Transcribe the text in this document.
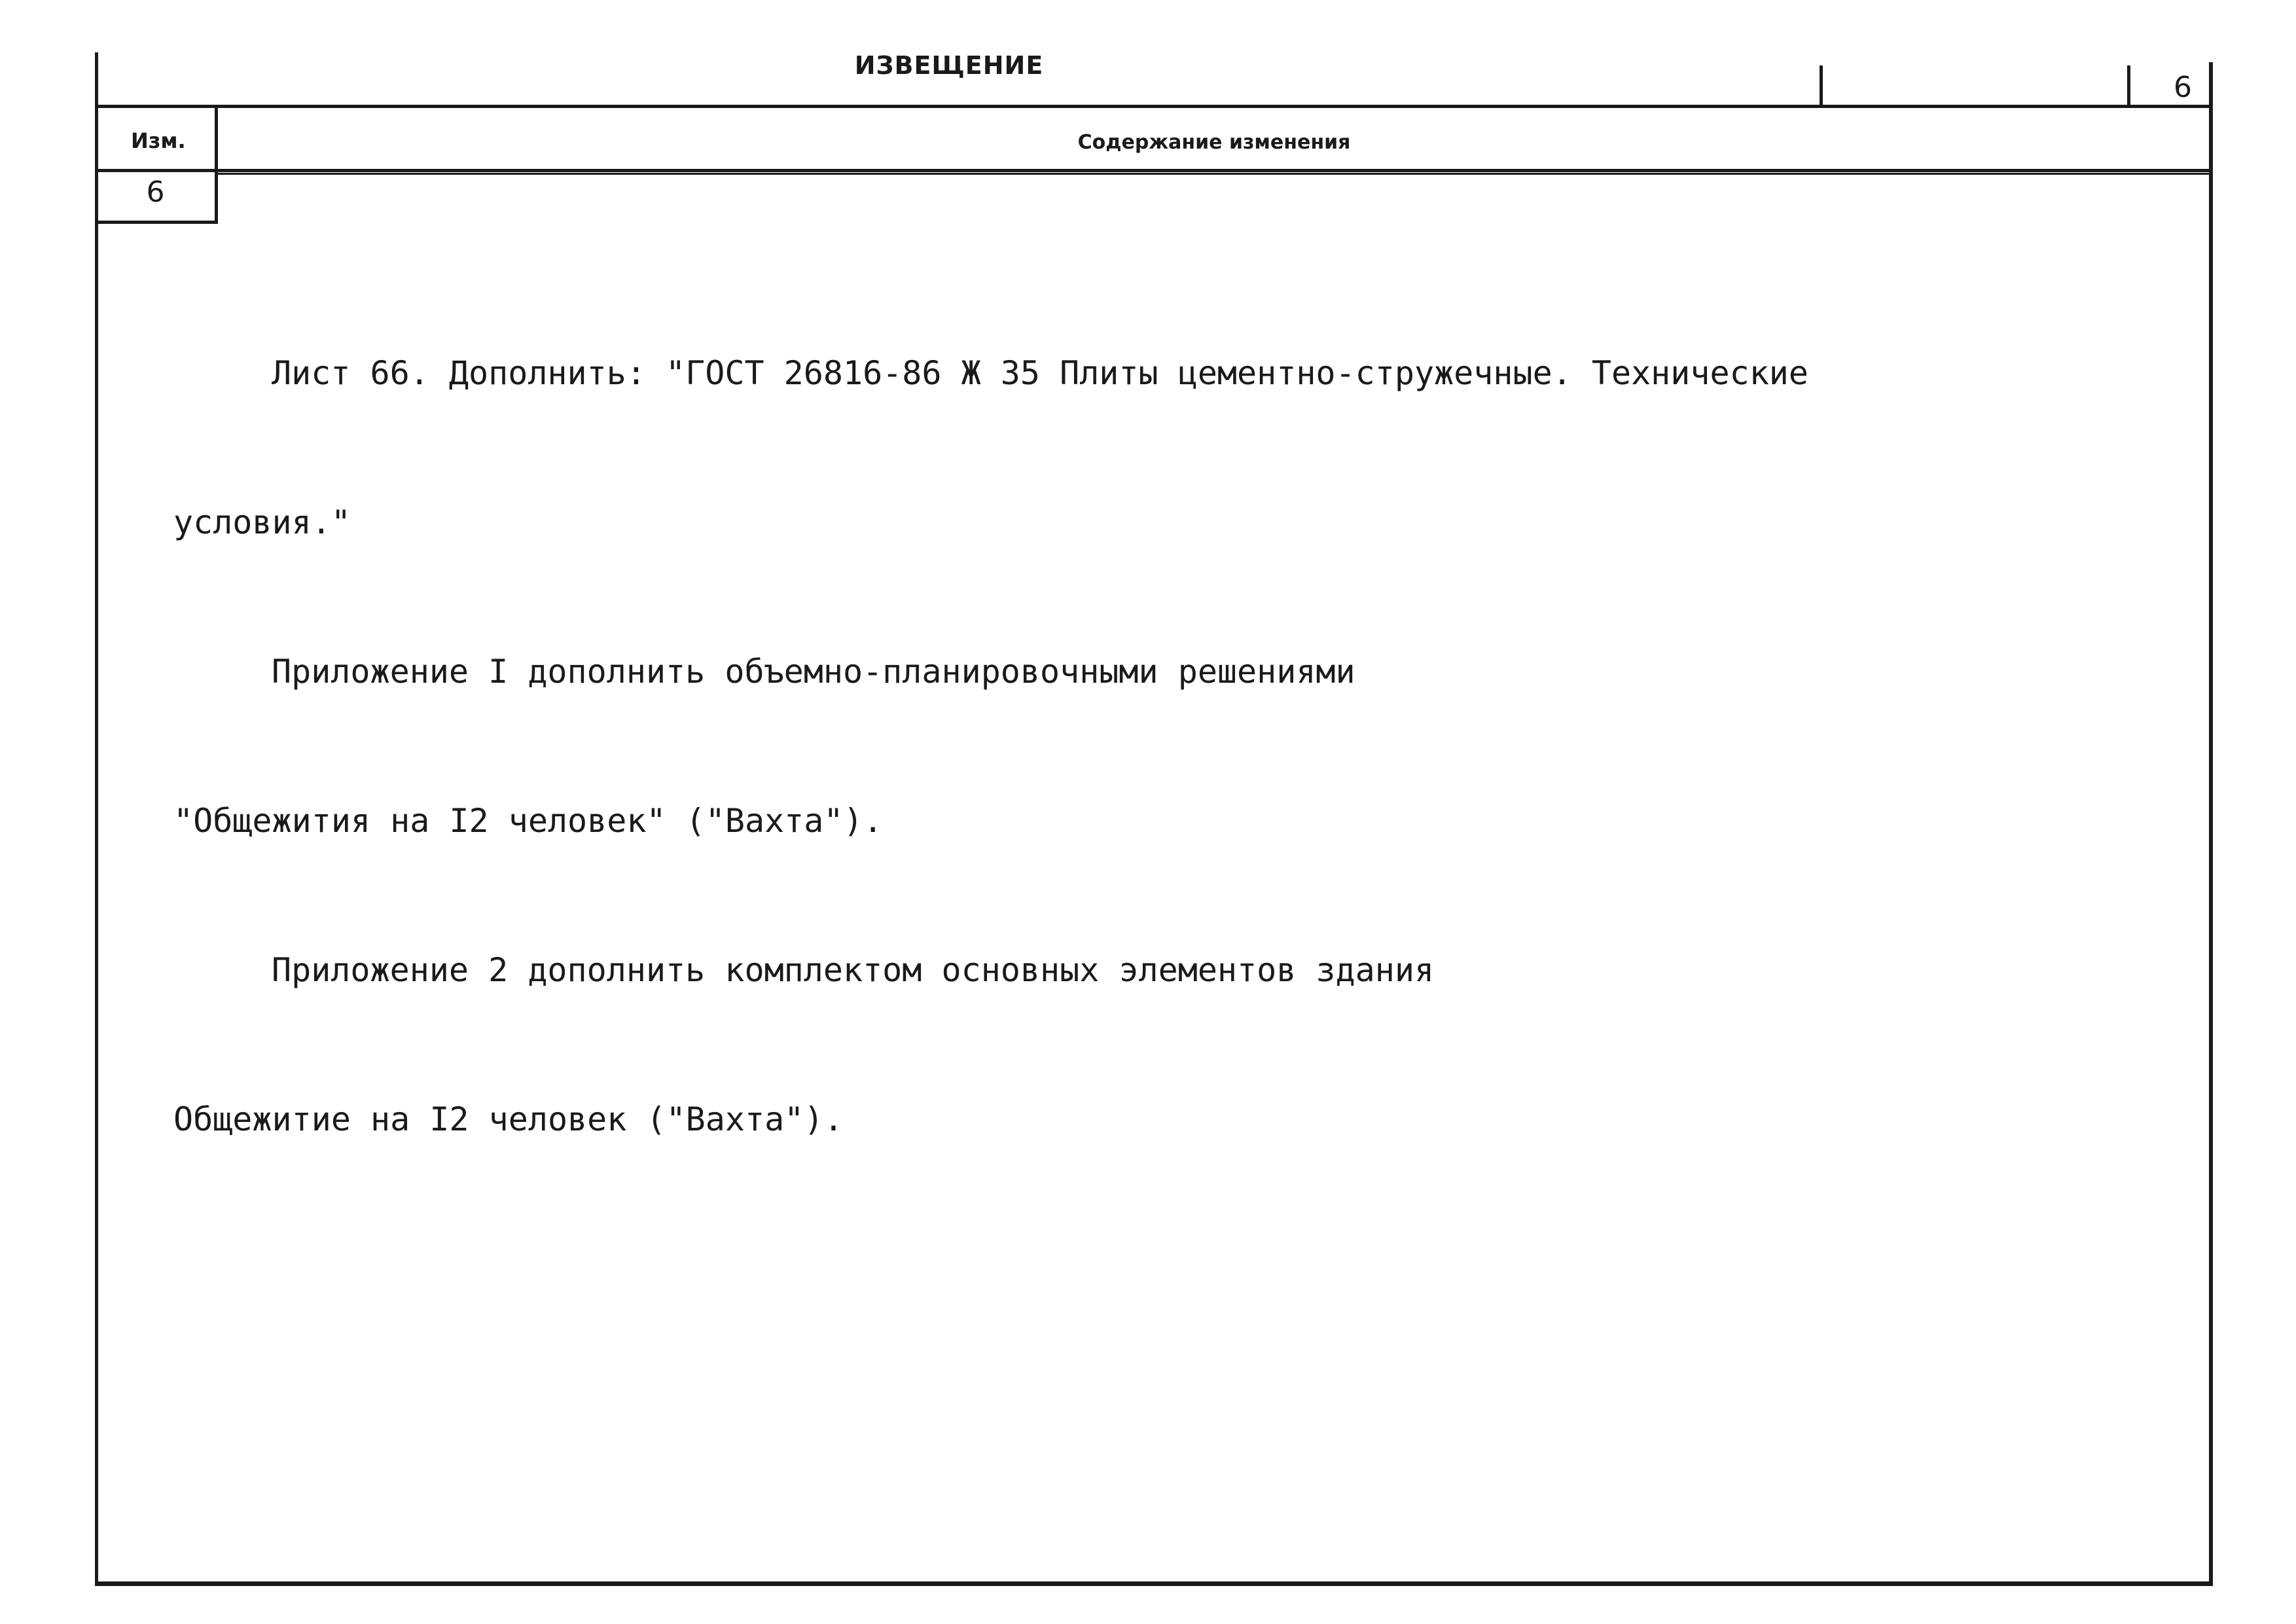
ИЗВЕЩЕНИЕ
6
Изм.	Содержание изменения
6

Лист 66. Дополнить: "ГОСТ 26816-86 Ж 35 Плиты цементно-стружечные. Технические

условия."

Приложение I дополнить объемно-планировочными решениями

"Общежития на I2 человек" ("Вахта").

Приложение 2 дополнить комплектом основных элементов здания

Общежитие на I2 человек ("Вахта").
